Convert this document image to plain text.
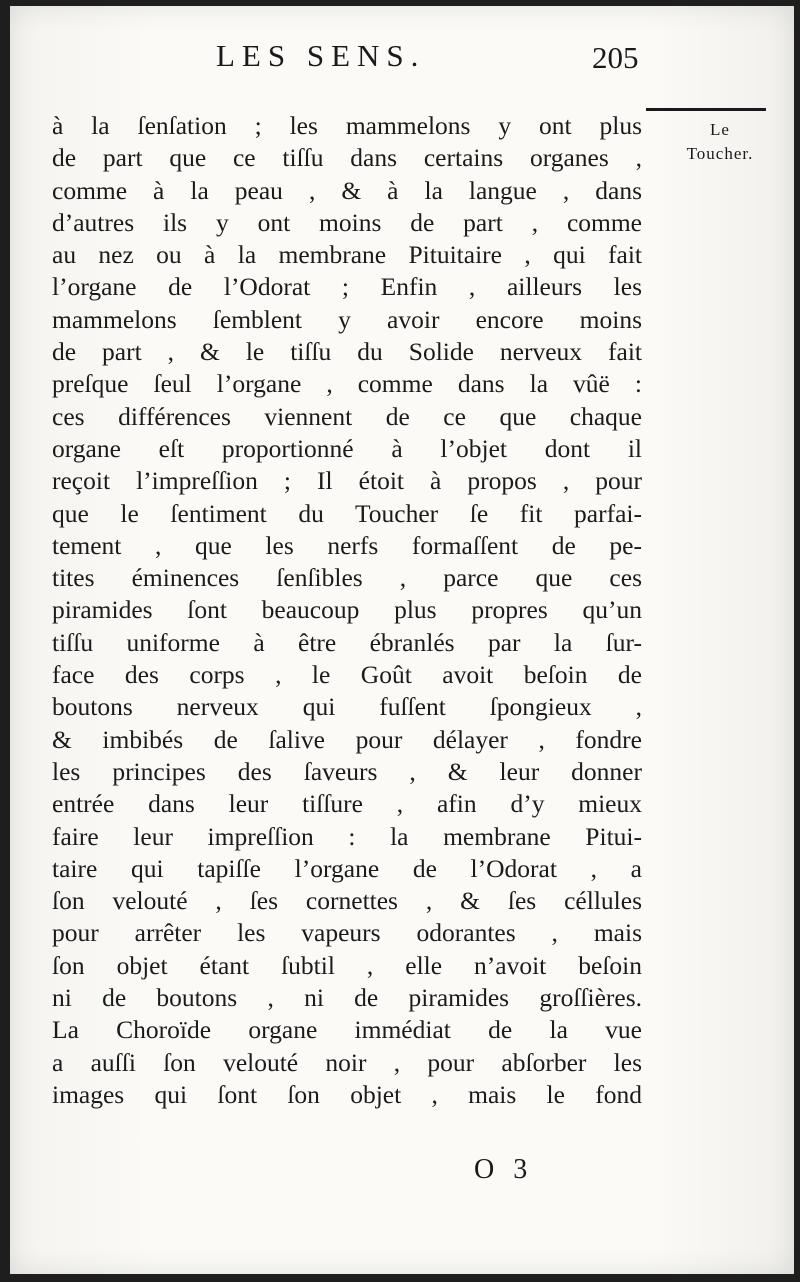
LES SENS.	205
Le
Toucher.
à la ſenſation ; les mammelons y ont plus
de part que ce tiſſu dans certains organes ,
comme à la peau , & à la langue , dans
d’autres ils y ont moins de part , comme
au nez ou à la membrane Pituitaire , qui fait
l’organe de l’Odorat ; Enfin , ailleurs les
mammelons ſemblent y avoir encore moins
de part , & le tiſſu du Solide nerveux fait
preſque ſeul l’organe , comme dans la vûë :
ces différences viennent de ce que chaque
organe eſt proportionné à l’objet dont il
reçoit l’impreſſion ; Il étoit à propos , pour
que le ſentiment du Toucher ſe fit parfai-
tement , que les nerfs formaſſent de pe-
tites éminences ſenſibles , parce que ces
piramides ſont beaucoup plus propres qu’un
tiſſu uniforme à être ébranlés par la ſur-
face des corps , le Goût avoit beſoin de
boutons nerveux qui fuſſent ſpongieux ,
& imbibés de ſalive pour délayer , fondre
les principes des ſaveurs , & leur donner
entrée dans leur tiſſure , afin d’y mieux
faire leur impreſſion : la membrane Pitui-
taire qui tapiſſe l’organe de l’Odorat , a
ſon velouté , ſes cornettes , & ſes céllules
pour arrêter les vapeurs odorantes , mais
ſon objet étant ſubtil , elle n’avoit beſoin
ni de boutons , ni de piramides groſſières.
La Choroïde organe immédiat de la vue
a auſſi ſon velouté noir , pour abſorber les
images qui ſont ſon objet , mais le fond
O 3
